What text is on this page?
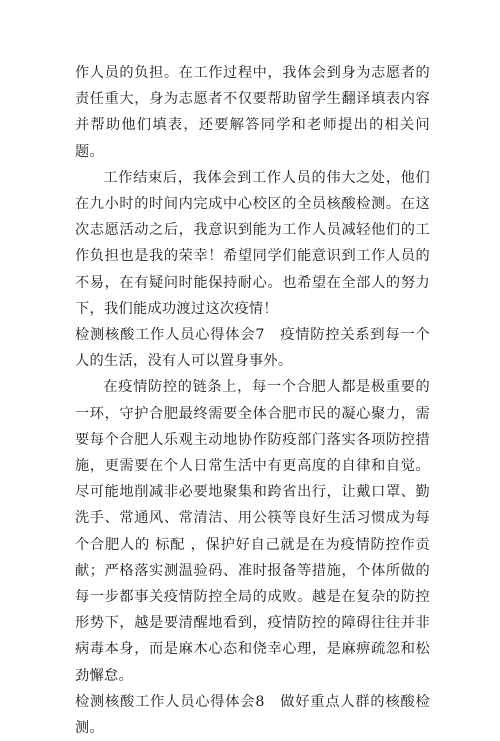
作人员的负担。在工作过程中，我体会到身为志愿者的责任重大，身为志愿者不仅要帮助留学生翻译填表内容并帮助他们填表，还要解答同学和老师提出的相关问题。

工作结束后，我体会到工作人员的伟大之处，他们在九小时的时间内完成中心校区的全员核酸检测。在这次志愿活动之后，我意识到能为工作人员减轻他们的工作负担也是我的荣幸！希望同学们能意识到工作人员的不易，在有疑问时能保持耐心。也希望在全部人的努力下，我们能成功渡过这次疫情！

检测核酸工作人员心得体会7　疫情防控关系到每一个人的生活，没有人可以置身事外。

在疫情防控的链条上，每一个合肥人都是极重要的一环，守护合肥最终需要全体合肥市民的凝心聚力，需要每个合肥人乐观主动地协作防疫部门落实各项防控措施，更需要在个人日常生活中有更高度的自律和自觉。尽可能地削减非必要地聚集和跨省出行，让戴口罩、勤洗手、常通风、常清洁、用公筷等良好生活习惯成为每个合肥人的 标配 ，保护好自己就是在为疫情防控作贡献；严格落实测温验码、准时报备等措施，个体所做的每一步都事关疫情防控全局的成败。越是在复杂的防控形势下，越是要清醒地看到，疫情防控的障碍往往并非病毒本身，而是麻木心态和侥幸心理，是麻痹疏忽和松劲懈怠。

检测核酸工作人员心得体会8　做好重点人群的核酸检测。
